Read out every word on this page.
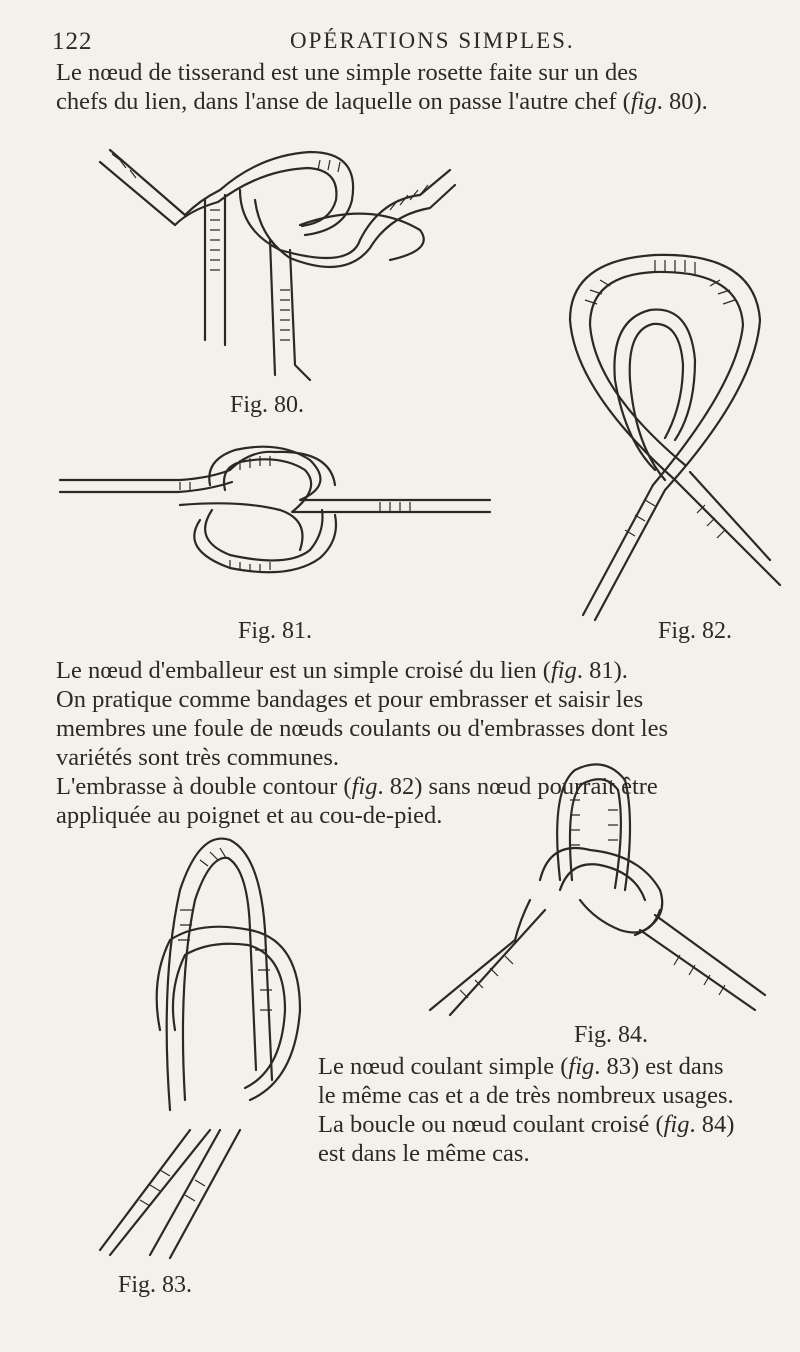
122	OPÉRATIONS SIMPLES.
Le nœud de tisserand est une simple rosette faite sur un des
chefs du lien, dans l'anse de laquelle on passe l'autre chef (fig. 80).
Fig. 80.
Fig. 81.	Fig. 82.
Le nœud d'emballeur est un simple croisé du lien (fig. 81).
On pratique comme bandages et pour embrasser et saisir les
membres une foule de nœuds coulants ou d'embrasses dont les
variétés sont très communes.
L'embrasse à double contour (fig. 82) sans nœud pourrait être
appliquée au poignet et au cou-de-pied.
Fig. 83.
Fig. 84.
Le nœud coulant simple (fig. 83) est dans
le même cas et a de très nombreux usages.
La boucle ou nœud coulant croisé (fig. 84)
est dans le même cas.
